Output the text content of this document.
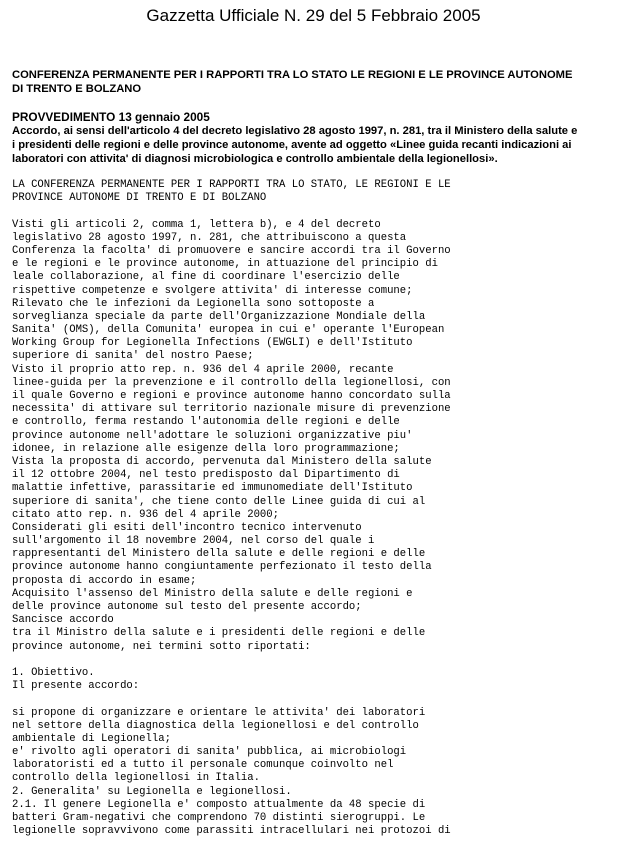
Gazzetta Ufficiale N. 29 del 5 Febbraio 2005
CONFERENZA PERMANENTE PER I RAPPORTI TRA LO STATO LE REGIONI E LE PROVINCE AUTONOME
DI TRENTO E BOLZANO
PROVVEDIMENTO 13 gennaio 2005
Accordo, ai sensi dell'articolo 4 del decreto legislativo 28 agosto 1997, n. 281, tra il Ministero della salute e
i presidenti delle regioni e delle province autonome, avente ad oggetto «Linee guida recanti indicazioni ai
laboratori con attivita' di diagnosi microbiologica e controllo ambientale della legionellosi».
LA CONFERENZA PERMANENTE PER I RAPPORTI TRA LO STATO, LE REGIONI E LE
PROVINCE AUTONOME DI TRENTO E DI BOLZANO
Visti gli articoli 2, comma 1, lettera b), e 4 del decreto
legislativo 28 agosto 1997, n. 281, che attribuiscono a questa
Conferenza la facolta' di promuovere e sancire accordi tra il Governo
e le regioni e le province autonome, in attuazione del principio di
leale collaborazione, al fine di coordinare l'esercizio delle
rispettive competenze e svolgere attivita' di interesse comune;
Rilevato che le infezioni da Legionella sono sottoposte a
sorveglianza speciale da parte dell'Organizzazione Mondiale della
Sanita' (OMS), della Comunita' europea in cui e' operante l'European
Working Group for Legionella Infections (EWGLI) e dell'Istituto
superiore di sanita' del nostro Paese;
Visto il proprio atto rep. n. 936 del 4 aprile 2000, recante
linee-guida per la prevenzione e il controllo della legionellosi, con
il quale Governo e regioni e province autonome hanno concordato sulla
necessita' di attivare sul territorio nazionale misure di prevenzione
e controllo, ferma restando l'autonomia delle regioni e delle
province autonome nell'adottare le soluzioni organizzative piu'
idonee, in relazione alle esigenze della loro programmazione;
Vista la proposta di accordo, pervenuta dal Ministero della salute
il 12 ottobre 2004, nel testo predisposto dal Dipartimento di
malattie infettive, parassitarie ed immunomediate dell'Istituto
superiore di sanita', che tiene conto delle Linee guida di cui al
citato atto rep. n. 936 del 4 aprile 2000;
Considerati gli esiti dell'incontro tecnico intervenuto
sull'argomento il 18 novembre 2004, nel corso del quale i
rappresentanti del Ministero della salute e delle regioni e delle
province autonome hanno congiuntamente perfezionato il testo della
proposta di accordo in esame;
Acquisito l'assenso del Ministro della salute e delle regioni e
delle province autonome sul testo del presente accordo;
Sancisce accordo
tra il Ministro della salute e i presidenti delle regioni e delle
province autonome, nei termini sotto riportati:
1. Obiettivo.
Il presente accordo:
si propone di organizzare e orientare le attivita' dei laboratori
nel settore della diagnostica della legionellosi e del controllo
ambientale di Legionella;
e' rivolto agli operatori di sanita' pubblica, ai microbiologi
laboratoristi ed a tutto il personale comunque coinvolto nel
controllo della legionellosi in Italia.
2. Generalita' su Legionella e legionellosi.
2.1. Il genere Legionella e' composto attualmente da 48 specie di
batteri Gram-negativi che comprendono 70 distinti sierogruppi. Le
legionelle sopravvivono come parassiti intracellulari nei protozoi di
